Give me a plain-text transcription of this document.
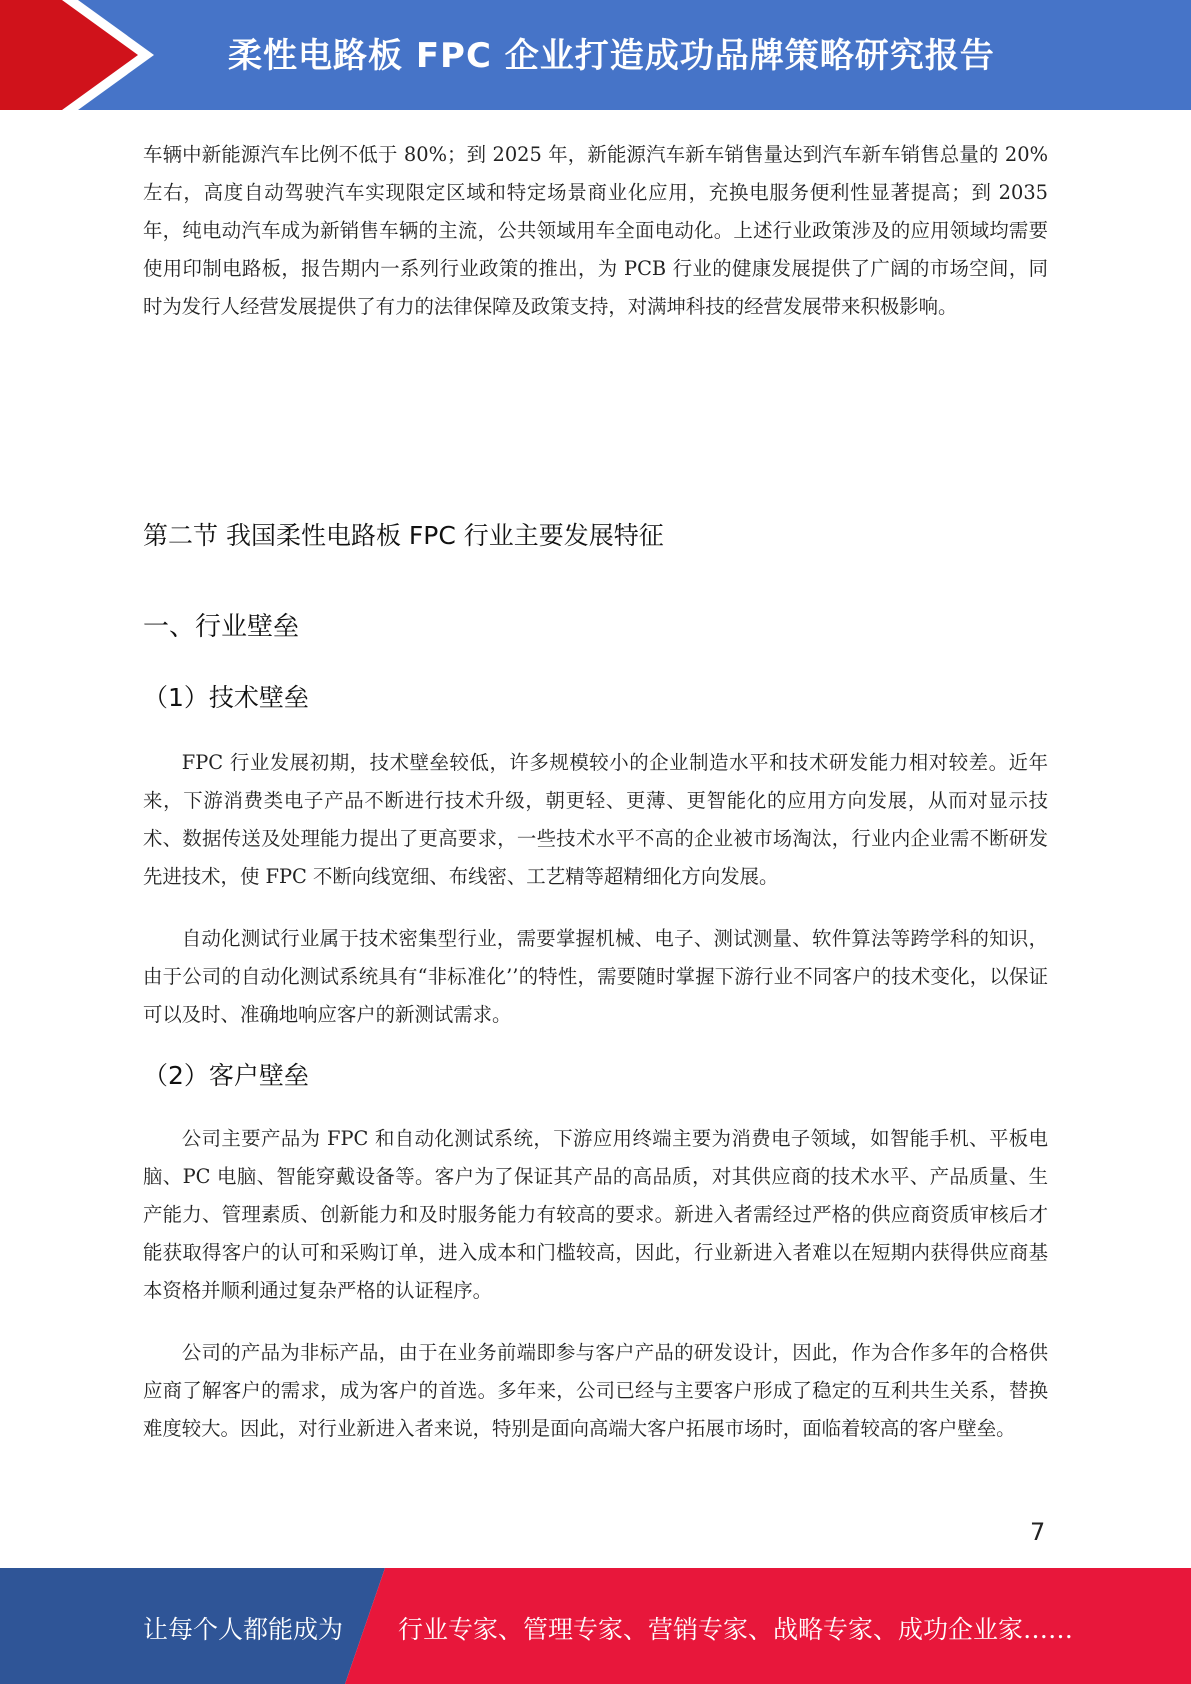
柔性电路板 FPC 企业打造成功品牌策略研究报告

车辆中新能源汽车比例不低于 80%；到 2025 年，新能源汽车新车销售量达到汽车新车销售总量的 20%左右，高度自动驾驶汽车实现限定区域和特定场景商业化应用，充换电服务便利性显著提高；到 2035 年，纯电动汽车成为新销售车辆的主流，公共领域用车全面电动化。上述行业政策涉及的应用领域均需要使用印制电路板，报告期内一系列行业政策的推出，为 PCB 行业的健康发展提供了广阔的市场空间，同时为发行人经营发展提供了有力的法律保障及政策支持，对满坤科技的经营发展带来积极影响。

第二节 我国柔性电路板 FPC 行业主要发展特征
一、行业壁垒
（1）技术壁垒

FPC 行业发展初期，技术壁垒较低，许多规模较小的企业制造水平和技术研发能力相对较差。近年来，下游消费类电子产品不断进行技术升级，朝更轻、更薄、更智能化的应用方向发展，从而对显示技术、数据传送及处理能力提出了更高要求，一些技术水平不高的企业被市场淘汰，行业内企业需不断研发先进技术，使 FPC 不断向线宽细、布线密、工艺精等超精细化方向发展。

自动化测试行业属于技术密集型行业，需要掌握机械、电子、测试测量、软件算法等跨学科的知识，由于公司的自动化测试系统具有“非标准化’’的特性，需要随时掌握下游行业不同客户的技术变化，以保证可以及时、准确地响应客户的新测试需求。

（2）客户壁垒

公司主要产品为 FPC 和自动化测试系统，下游应用终端主要为消费电子领域，如智能手机、平板电脑、PC 电脑、智能穿戴设备等。客户为了保证其产品的高品质，对其供应商的技术水平、产品质量、生产能力、管理素质、创新能力和及时服务能力有较高的要求。新进入者需经过严格的供应商资质审核后才能获取得客户的认可和采购订单，进入成本和门槛较高，因此，行业新进入者难以在短期内获得供应商基本资格并顺利通过复杂严格的认证程序。

公司的产品为非标产品，由于在业务前端即参与客户产品的研发设计，因此，作为合作多年的合格供应商了解客户的需求，成为客户的首选。多年来，公司已经与主要客户形成了稳定的互利共生关系，替换难度较大。因此，对行业新进入者来说，特别是面向高端大客户拓展市场时，面临着较高的客户壁垒。

7
让每个人都能成为 行业专家、管理专家、营销专家、战略专家、成功企业家……
